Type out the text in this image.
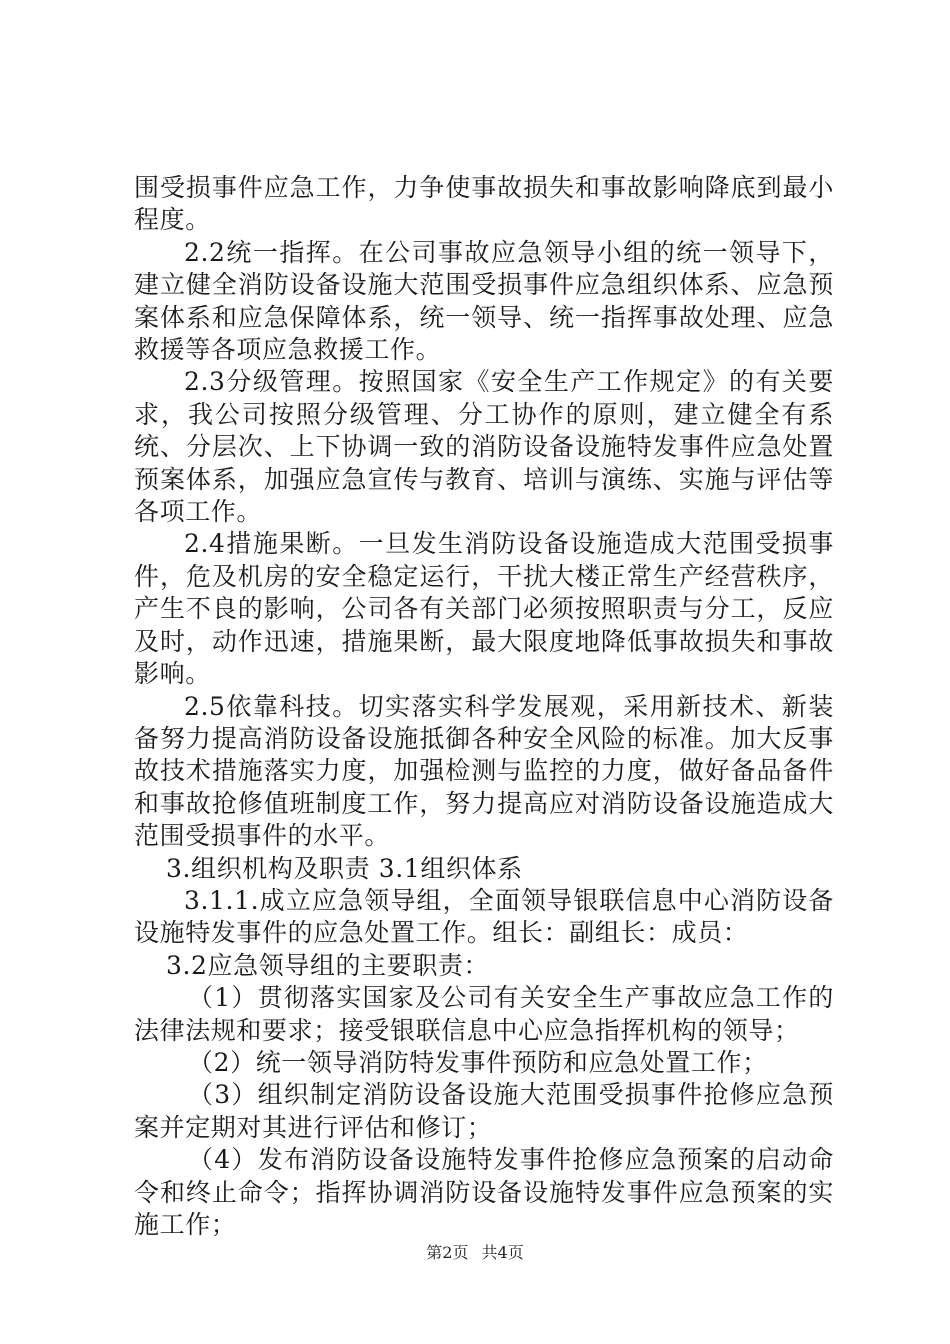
围受损事件应急工作，力争使事故损失和事故影响降底到最小程度。

2.2统一指挥。在公司事故应急领导小组的统一领导下，建立健全消防设备设施大范围受损事件应急组织体系、应急预案体系和应急保障体系，统一领导、统一指挥事故处理、应急救援等各项应急救援工作。

2.3分级管理。按照国家《安全生产工作规定》的有关要求，我公司按照分级管理、分工协作的原则，建立健全有系统、分层次、上下协调一致的消防设备设施特发事件应急处置预案体系，加强应急宣传与教育、培训与演练、实施与评估等各项工作。

2.4措施果断。一旦发生消防设备设施造成大范围受损事件，危及机房的安全稳定运行，干扰大楼正常生产经营秩序，产生不良的影响，公司各有关部门必须按照职责与分工，反应及时，动作迅速，措施果断，最大限度地降低事故损失和事故影响。

2.5依靠科技。切实落实科学发展观，采用新技术、新装备努力提高消防设备设施抵御各种安全风险的标准。加大反事故技术措施落实力度，加强检测与监控的力度，做好备品备件和事故抢修值班制度工作，努力提高应对消防设备设施造成大范围受损事件的水平。

3.组织机构及职责 3.1组织体系

3.1.1.成立应急领导组，全面领导银联信息中心消防设备设施特发事件的应急处置工作。组长：副组长：成员：

3.2应急领导组的主要职责：

（1）贯彻落实国家及公司有关安全生产事故应急工作的法律法规和要求；接受银联信息中心应急指挥机构的领导；

（2）统一领导消防特发事件预防和应急处置工作；

（3）组织制定消防设备设施大范围受损事件抢修应急预案并定期对其进行评估和修订；

（4）发布消防设备设施特发事件抢修应急预案的启动命令和终止命令；指挥协调消防设备设施特发事件应急预案的实施工作；

第2页 共4页
